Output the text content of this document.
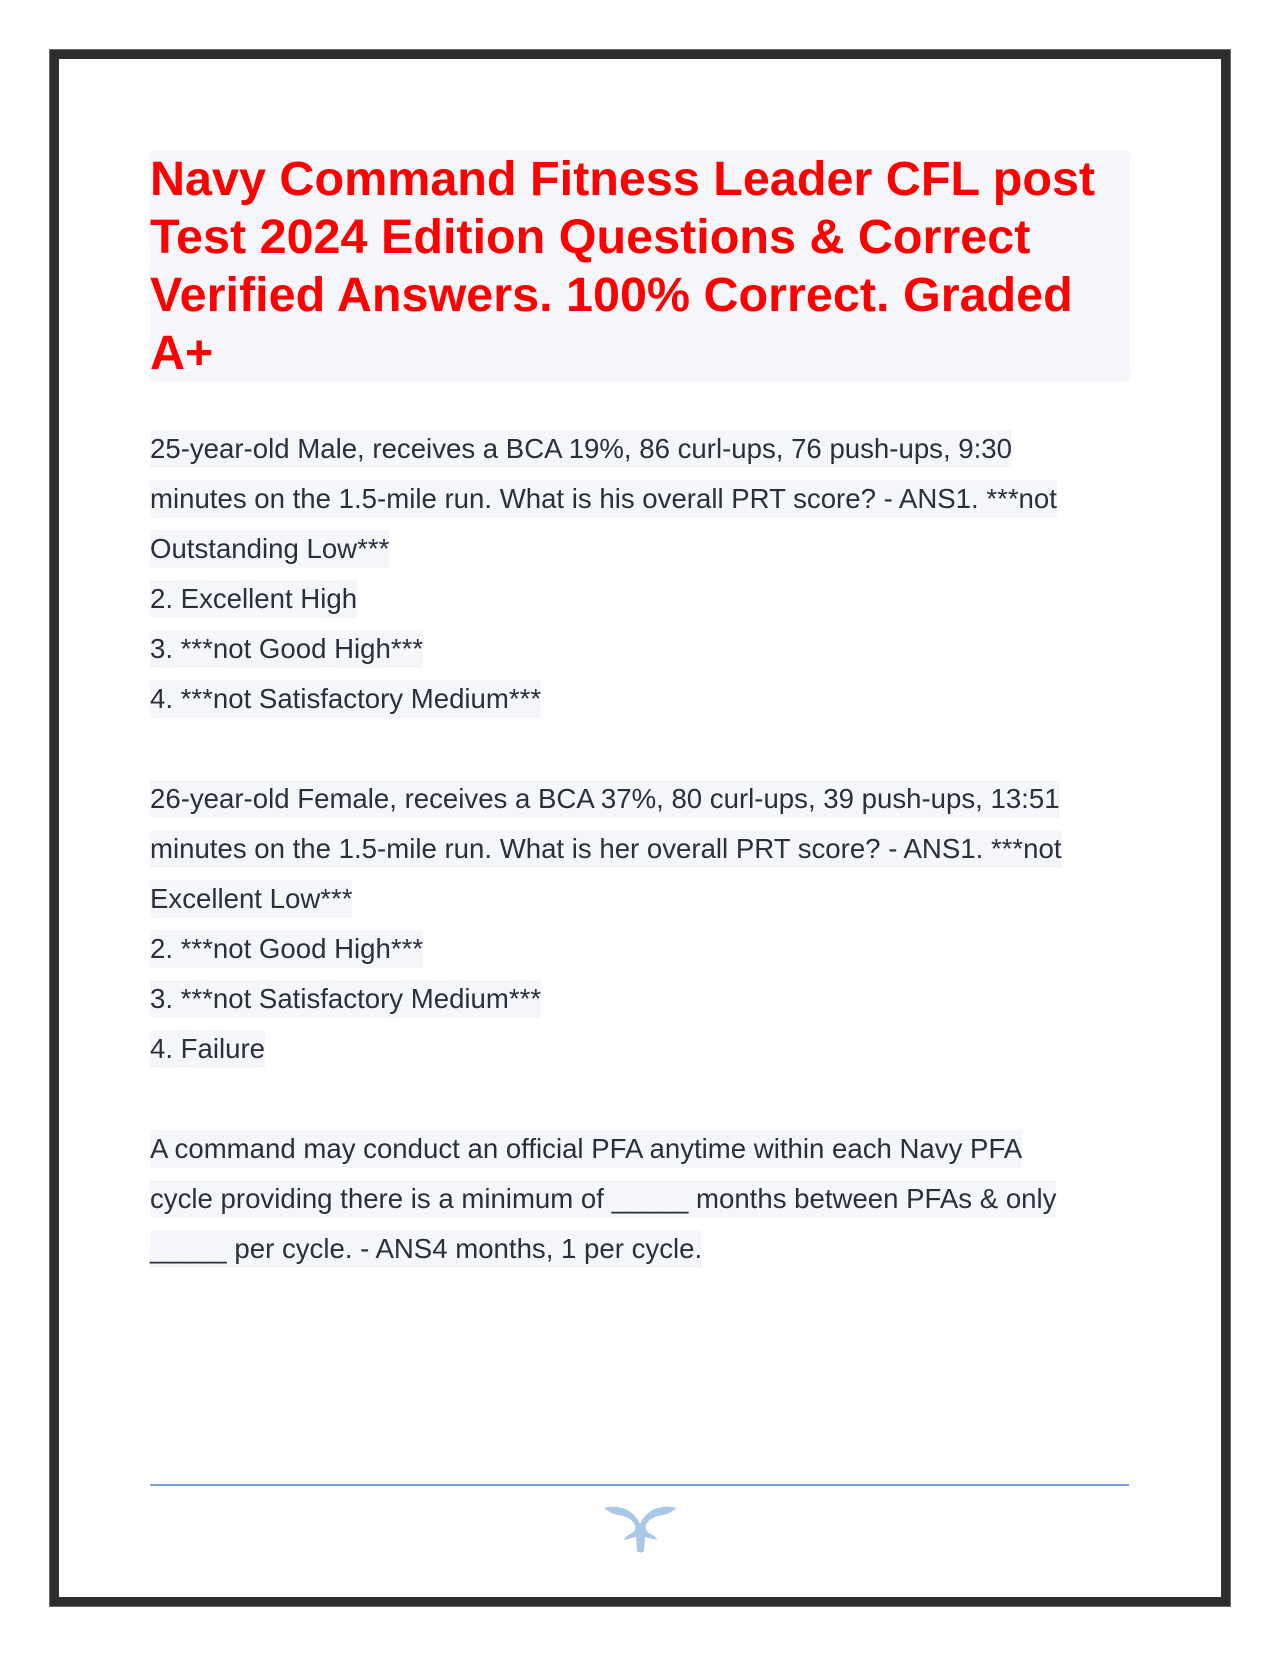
Navy Command Fitness Leader CFL post
Test 2024 Edition Questions & Correct
Verified Answers. 100% Correct. Graded
A+
25-year-old Male, receives a BCA 19%, 86 curl-ups, 76 push-ups, 9:30
minutes on the 1.5-mile run. What is his overall PRT score? - ANS1. ***not
Outstanding Low***
2. Excellent High
3. ***not Good High***
4. ***not Satisfactory Medium***
26-year-old Female, receives a BCA 37%, 80 curl-ups, 39 push-ups, 13:51
minutes on the 1.5-mile run. What is her overall PRT score? - ANS1. ***not
Excellent Low***
2. ***not Good High***
3. ***not Satisfactory Medium***
4. Failure
A command may conduct an official PFA anytime within each Navy PFA
cycle providing there is a minimum of _____ months between PFAs & only
_____ per cycle. - ANS4 months, 1 per cycle.
